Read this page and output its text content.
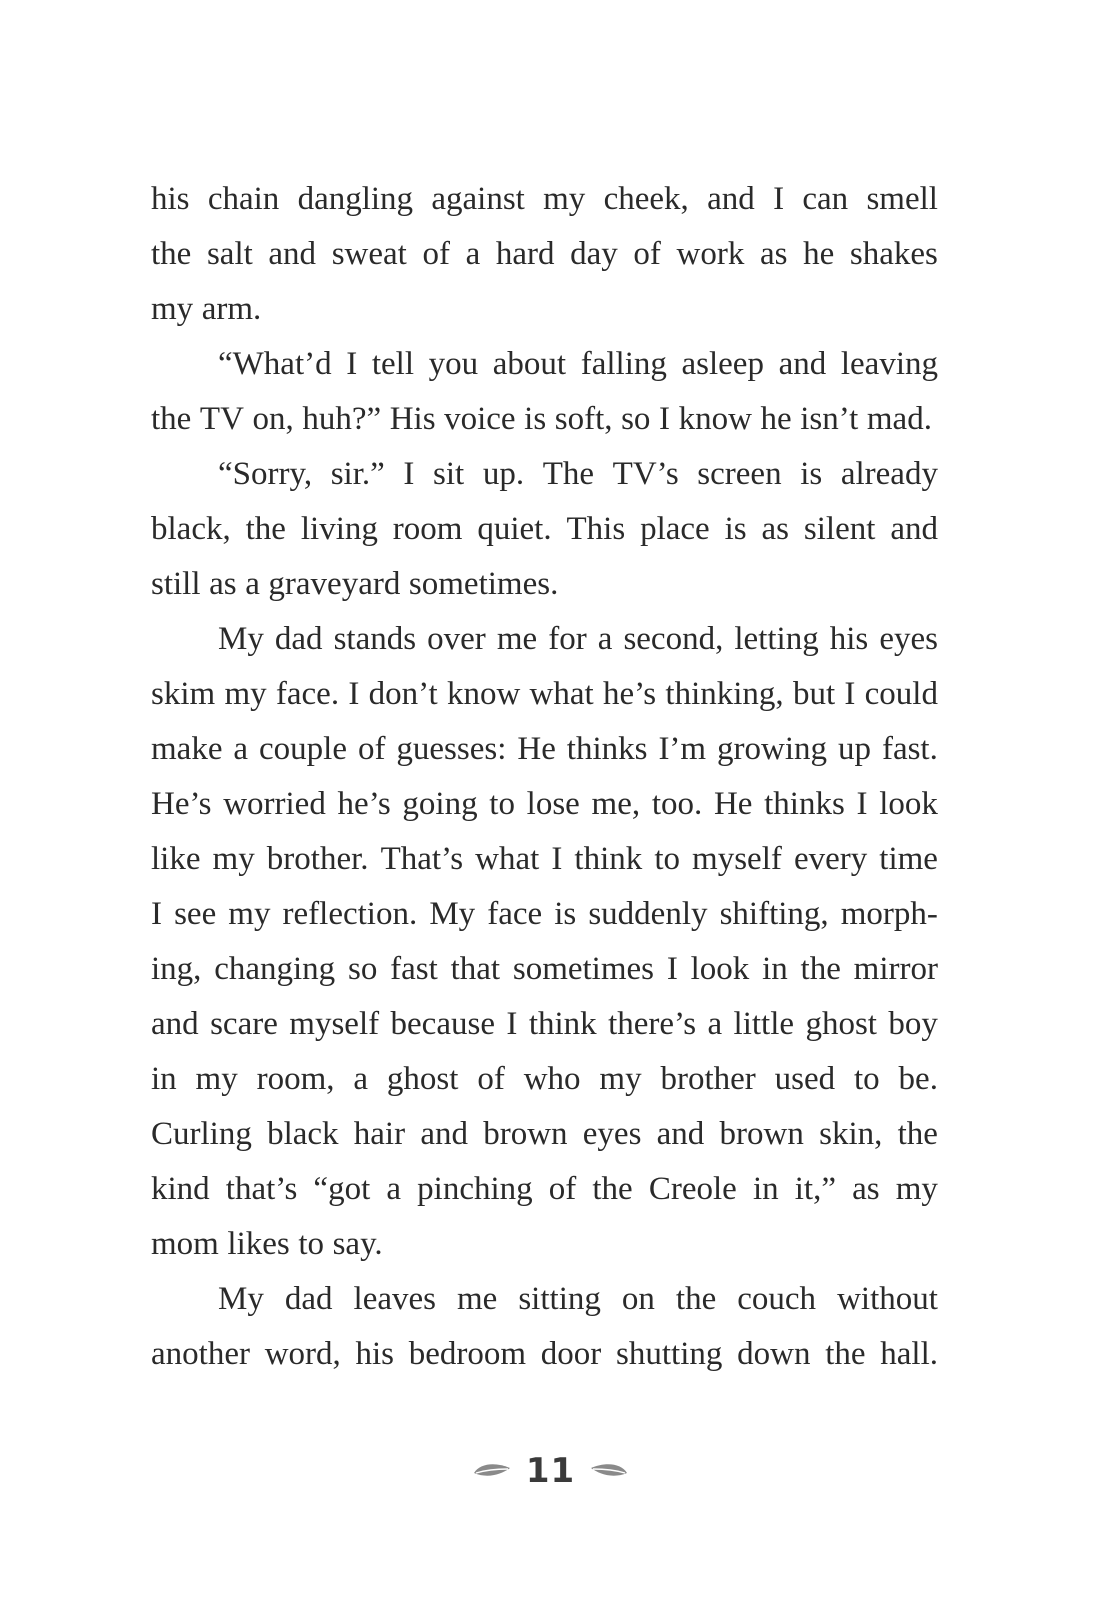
his chain dangling against my cheek, and I can smell
the salt and sweat of a hard day of work as he shakes
my arm.
“What’d I tell you about falling asleep and leaving
the TV on, huh?” His voice is soft, so I know he isn’t mad.
“Sorry, sir.” I sit up. The TV’s screen is already
black, the living room quiet. This place is as silent and
still as a graveyard sometimes.
My dad stands over me for a second, letting his eyes
skim my face. I don’t know what he’s thinking, but I could
make a couple of guesses: He thinks I’m growing up fast.
He’s worried he’s going to lose me, too. He thinks I look
like my brother. That’s what I think to myself every time
I see my reflection. My face is suddenly shifting, morph-
ing, changing so fast that sometimes I look in the mirror
and scare myself because I think there’s a little ghost boy
in my room, a ghost of who my brother used to be.
Curling black hair and brown eyes and brown skin, the
kind that’s “got a pinching of the Creole in it,” as my
mom likes to say.
My dad leaves me sitting on the couch without
another word, his bedroom door shutting down the hall.
11
